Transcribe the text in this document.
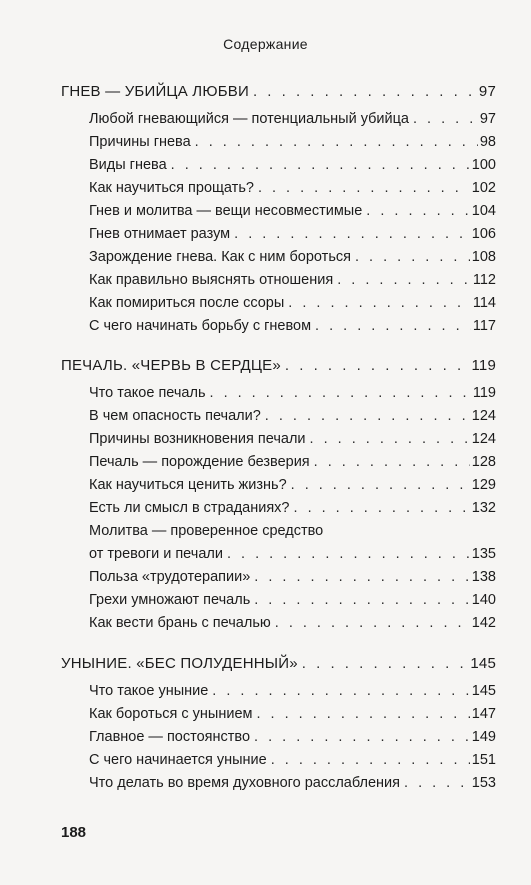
Содержание
ГНЕВ — УБИЙЦА ЛЮБВИ . . .	97
Любой гневающийся — потенциальный убийца . . .	97
Причины гнева . . .	98
Виды гнева . . .	100
Как научиться прощать? . . .	102
Гнев и молитва — вещи несовместимые . . .	104
Гнев отнимает разум . . .	106
Зарождение гнева. Как с ним бороться . . .	108
Как правильно выяснять отношения . . .	112
Как помириться после ссоры . . .	114
С чего начинать борьбу с гневом . . .	117
ПЕЧАЛЬ. «ЧЕРВЬ В СЕРДЦЕ» . . .	119
Что такое печаль . . .	119
В чем опасность печали? . . .	124
Причины возникновения печали . . .	124
Печаль — порождение безверия . . .	128
Как научиться ценить жизнь? . . .	129
Есть ли смысл в страданиях? . . .	132
Молитва — проверенное средство
от тревоги и печали . . .	135
Польза «трудотерапии» . . .	138
Грехи умножают печаль . . .	140
Как вести брань с печалью . . .	142
УНЫНИЕ. «БЕС ПОЛУДЕННЫЙ» . . .	145
Что такое уныние . . .	145
Как бороться с унынием . . .	147
Главное — постоянство . . .	149
С чего начинается уныние . . .	151
Что делать во время духовного расслабления . . .	153
188
